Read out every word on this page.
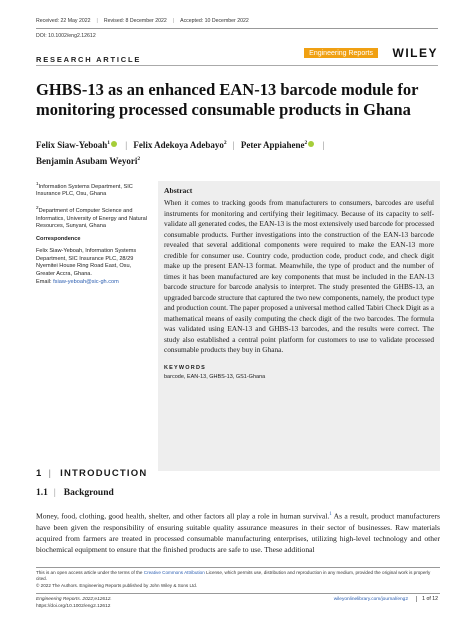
Received: 22 May 2022 | Revised: 8 December 2022 | Accepted: 10 December 2022
DOI: 10.1002/eng2.12612
RESEARCH ARTICLE
Engineering Reports	WILEY
GHBS-13 as an enhanced EAN-13 barcode module for monitoring processed consumable products in Ghana
Felix Siaw-Yeboah$^1$ | Felix Adekoya Adebayo$^2$ | Peter Appiahene$^2$ |
Benjamin Asubam Weyori$^2$

$^1$Information Systems Department, SIC Insurance PLC, Osu, Ghana

$^2$Department of Computer Science and Informatics, University of Energy and Natural Resources, Sunyani, Ghana

Correspondence

Felix Siaw-Yeboah, Information Systems Department, SIC Insurance PLC, 28/29 Nyemitei House Ring Road East, Osu, Greater Accra, Ghana.
Email: fsiaw-yeboah@sic-gh.com

Abstract
When it comes to tracking goods from manufacturers to consumers, barcodes are useful instruments for monitoring and certifying their legitimacy. Because of its capacity to self-validate all generated codes, the EAN-13 is the most extensively used barcode for processed consumable products. Further investigations into the construction of the EAN-13 barcode revealed that several additional components were required to make the EAN-13 more credible for consumer use. Country code, production code, product code, and check digit make up the present EAN-13 format. Meanwhile, the type of product and the number of times it has been manufactured are key components that must be included in the EAN-13 barcode structure for barcode analysis to interpret. The study presented the GHBS-13, an upgraded barcode structure that captured the two new components, namely, the product type and production count. The paper proposed a universal method called Tabiri Check Digit as a mathematical means of easily computing the check digit of the two barcodes. The formula was validated using EAN-13 and GHBS-13 barcodes, and the results were correct. The study also established a central point platform for customers to use to validate processed consumable products they buy in Ghana.
KEYWORDS
barcode, EAN-13, GHBS-13, GS1-Ghana
1 | INTRODUCTION
1.1 | Background
Money, food, clothing, good health, shelter, and other factors all play a role in human survival.$^1$ As a result, product manufacturers have been given the responsibility of ensuring suitable quality assurance measures in their sector of businesses. Raw materials acquired from farmers are treated in processed consumable manufacturing enterprises, utilizing high-level technology and other biochemical equipment to ensure that the finished products are safe to use. These additional
This is an open access article under the terms of the Creative Commons Attribution License, which permits use, distribution and reproduction in any medium, provided the original work is properly cited.
© 2022 The Authors. Engineering Reports published by John Wiley & Sons Ltd.
Engineering Reports. 2022;e12612.
https://doi.org/10.1002/eng2.12612
wileyonlinelibrary.com/journal/eng2	1 of 12
